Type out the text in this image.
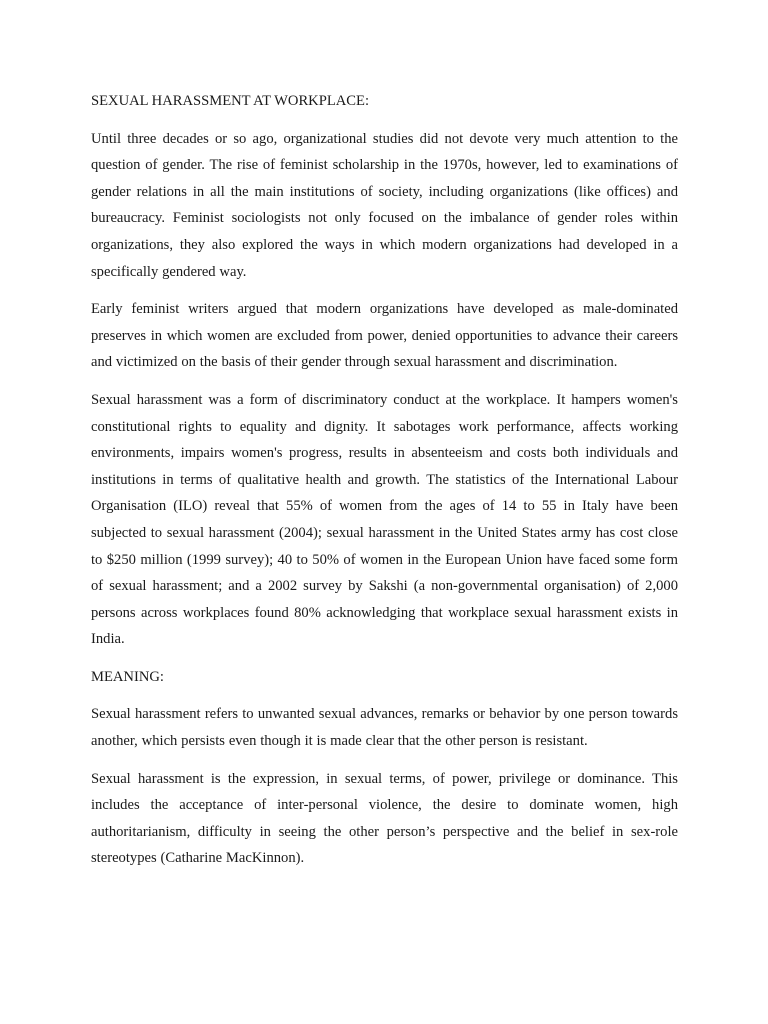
SEXUAL HARASSMENT AT WORKPLACE:

Until three decades or so ago, organizational studies did not devote very much attention to the question of gender. The rise of feminist scholarship in the 1970s, however, led to examinations of gender relations in all the main institutions of society, including organizations (like offices) and bureaucracy. Feminist sociologists not only focused on the imbalance of gender roles within organizations, they also explored the ways in which modern organizations had developed in a specifically gendered way.

Early feminist writers argued that modern organizations have developed as male-dominated preserves in which women are excluded from power, denied opportunities to advance their careers and victimized on the basis of their gender through sexual harassment and discrimination.

Sexual harassment was a form of discriminatory conduct at the workplace. It hampers women's constitutional rights to equality and dignity. It sabotages work performance, affects working environments, impairs women's progress, results in absenteeism and costs both individuals and institutions in terms of qualitative health and growth. The statistics of the International Labour Organisation (ILO) reveal that 55% of women from the ages of 14 to 55 in Italy have been subjected to sexual harassment (2004); sexual harassment in the United States army has cost close to $250 million (1999 survey); 40 to 50% of women in the European Union have faced some form of sexual harassment; and a 2002 survey by Sakshi (a non-governmental organisation) of 2,000 persons across workplaces found 80% acknowledging that workplace sexual harassment exists in India.

MEANING:

Sexual harassment refers to unwanted sexual advances, remarks or behavior by one person towards another, which persists even though it is made clear that the other person is resistant.

Sexual harassment is the expression, in sexual terms, of power, privilege or dominance. This includes the acceptance of inter-personal violence, the desire to dominate women, high authoritarianism, difficulty in seeing the other person’s perspective and the belief in sex-role stereotypes (Catharine MacKinnon).
